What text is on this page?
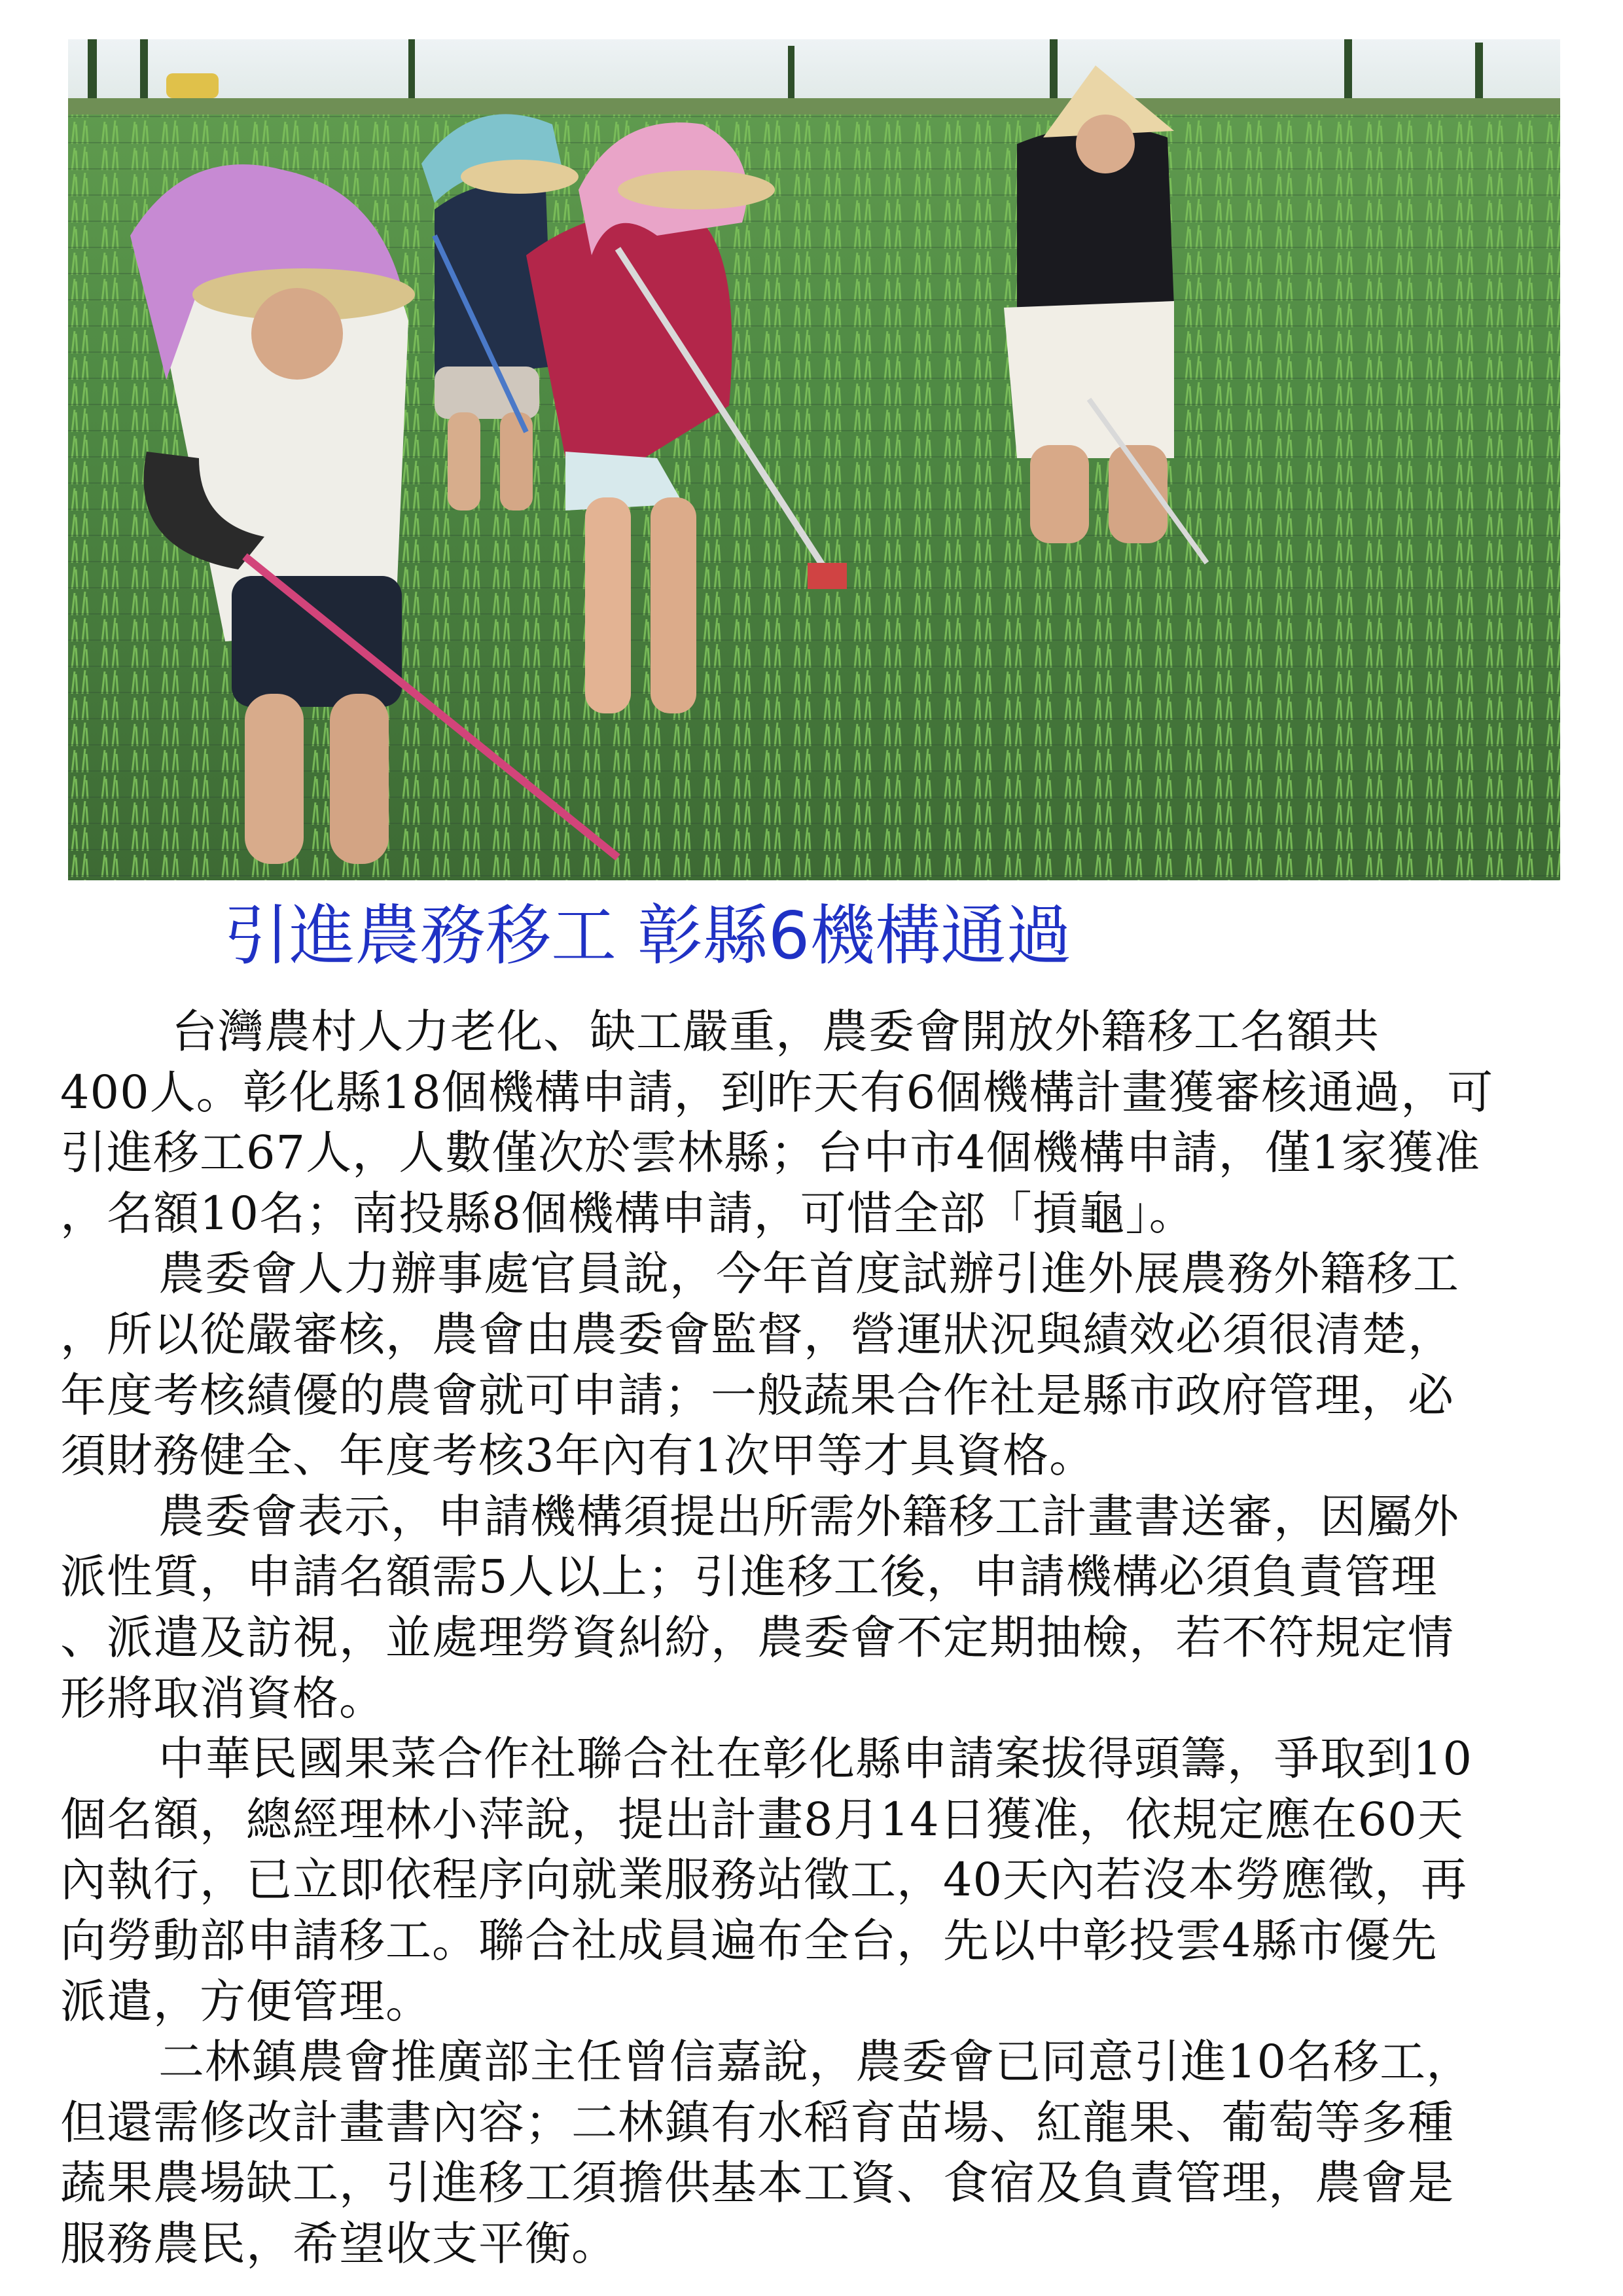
引進農務移工 彰縣6機構通過
台灣農村人力老化、缺工嚴重，農委會開放外籍移工名額共
400人。彰化縣18個機構申請，到昨天有6個機構計畫獲審核通過，可
引進移工67人，人數僅次於雲林縣；台中市4個機構申請，僅1家獲准
，名額10名；南投縣8個機構申請，可惜全部「摃龜」。
農委會人力辦事處官員說，今年首度試辦引進外展農務外籍移工
，所以從嚴審核，農會由農委會監督，營運狀況與績效必須很清楚，
年度考核績優的農會就可申請；一般蔬果合作社是縣市政府管理，必
須財務健全、年度考核3年內有1次甲等才具資格。
農委會表示，申請機構須提出所需外籍移工計畫書送審，因屬外
派性質，申請名額需5人以上；引進移工後，申請機構必須負責管理
、派遣及訪視，並處理勞資糾紛，農委會不定期抽檢，若不符規定情
形將取消資格。
中華民國果菜合作社聯合社在彰化縣申請案拔得頭籌，爭取到10
個名額，總經理林小萍說，提出計畫8月14日獲准，依規定應在60天
內執行，已立即依程序向就業服務站徵工，40天內若沒本勞應徵，再
向勞動部申請移工。聯合社成員遍布全台，先以中彰投雲4縣市優先
派遣，方便管理。
二林鎮農會推廣部主任曾信嘉說，農委會已同意引進10名移工，
但還需修改計畫書內容；二林鎮有水稻育苗場、紅龍果、葡萄等多種
蔬果農場缺工，引進移工須擔供基本工資、食宿及負責管理，農會是
服務農民，希望收支平衡。
